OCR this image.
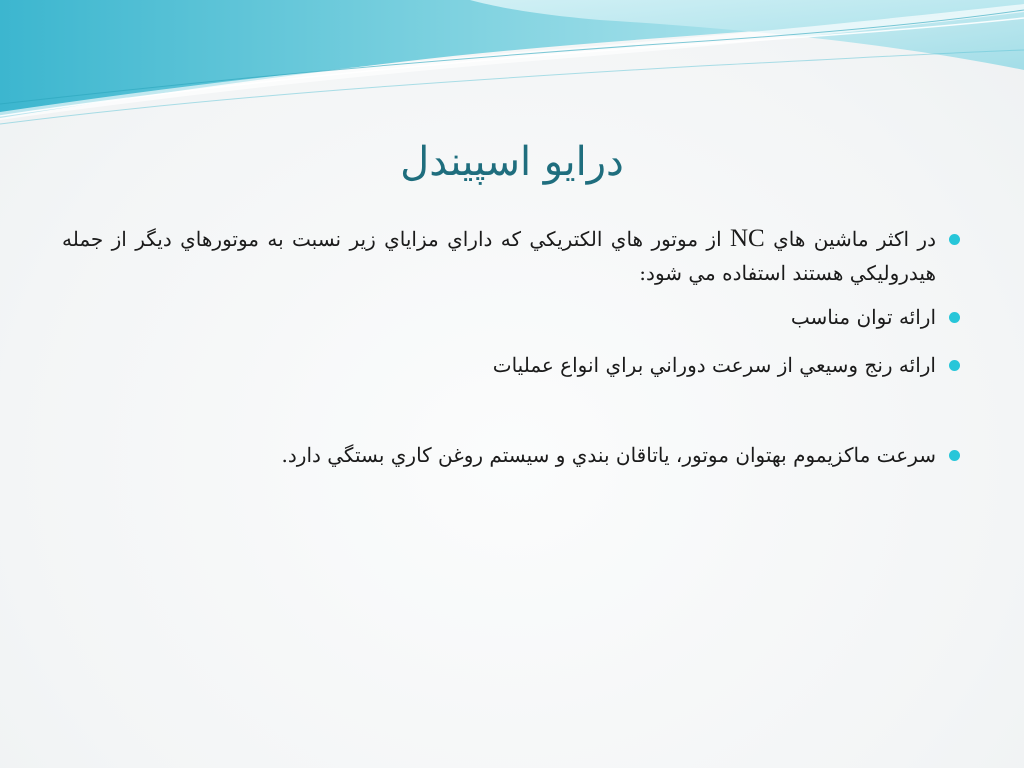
درايو اسپيندل
در اكثر ماشين هاي NC از موتور هاي الكتريكي كه داراي مزاياي زير نسبت به موتورهاي ديگر از جمله هيدروليكي هستند استفاده مي شود:
ارائه توان مناسب
ارائه رنج وسيعي از سرعت دوراني براي انواع عمليات
سرعت ماكزيموم بهتوان موتور، ياتاقان بندي و سيستم روغن كاري بستگي دارد.
